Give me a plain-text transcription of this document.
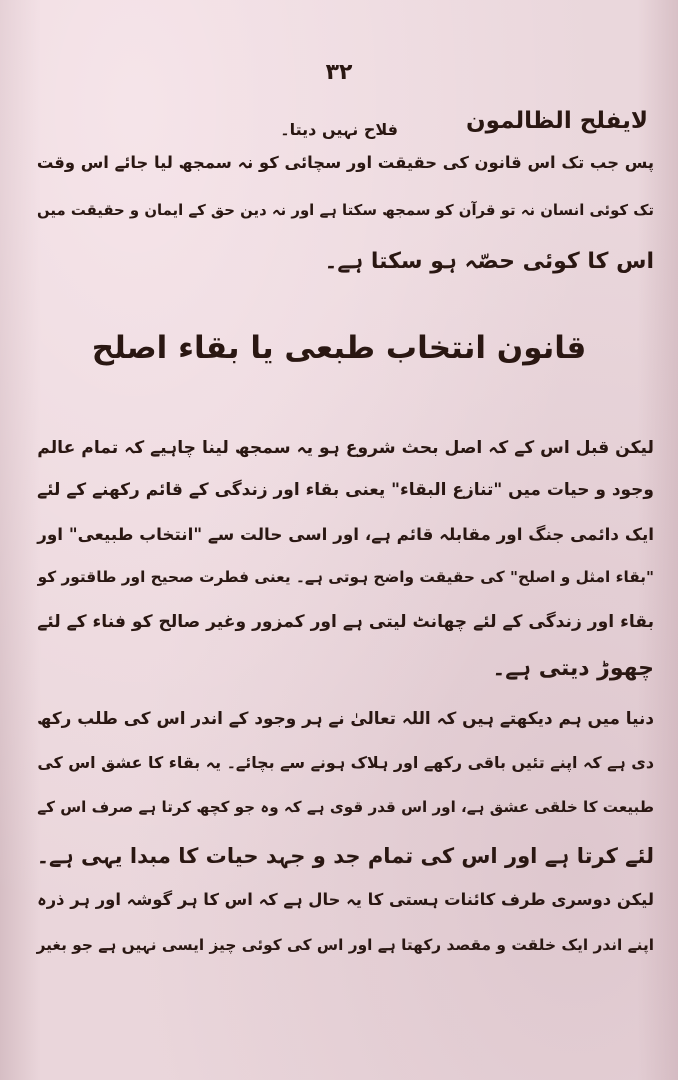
۳۲
لایفلح الظالمون
فلاح نہیں دیتا۔
پس جب تک اس قانون کی حقیقت اور سچائی کو نہ سمجھ لیا جائے اس وقت
تک کوئی انسان نہ تو قرآن کو سمجھ سکتا ہے اور نہ دین حق کے ایمان و حقیقت میں
اس کا کوئی حصّہ ہو سکتا ہے۔
قانون انتخاب طبعی یا بقاء اصلح
لیکن قبل اس کے کہ اصل بحث شروع ہو یہ سمجھ لینا چاہیے کہ تمام عالم
وجود و حیات میں "تنازع البقاء" یعنی بقاء اور زندگی کے قائم رکھنے کے لئے
ایک دائمی جنگ اور مقابلہ قائم ہے، اور اسی حالت سے "انتخاب طبیعی" اور
"بقاء امثل و اصلح" کی حقیقت واضح ہوتی ہے۔ یعنی فطرت صحیح اور طاقتور کو
بقاء اور زندگی کے لئے چھانٹ لیتی ہے اور کمزور وغیر صالح کو فناء کے لئے
چھوڑ دیتی ہے۔
دنیا میں ہم دیکھتے ہیں کہ اللہ تعالیٰ نے ہر وجود کے اندر اس کی طلب رکھ
دی ہے کہ اپنے تئیں باقی رکھے اور ہلاک ہونے سے بچائے۔ یہ بقاء کا عشق اس کی
طبیعت کا خلقی عشق ہے، اور اس قدر قوی ہے کہ وہ جو کچھ کرتا ہے صرف اس کے
لئے کرتا ہے اور اس کی تمام جد و جہد حیات کا مبدا یہی ہے۔
لیکن دوسری طرف کائنات ہستی کا یہ حال ہے کہ اس کا ہر گوشہ اور ہر ذرہ
اپنے اندر ایک خلقت و مقصد رکھتا ہے اور اس کی کوئی چیز ایسی نہیں ہے جو بغیر
